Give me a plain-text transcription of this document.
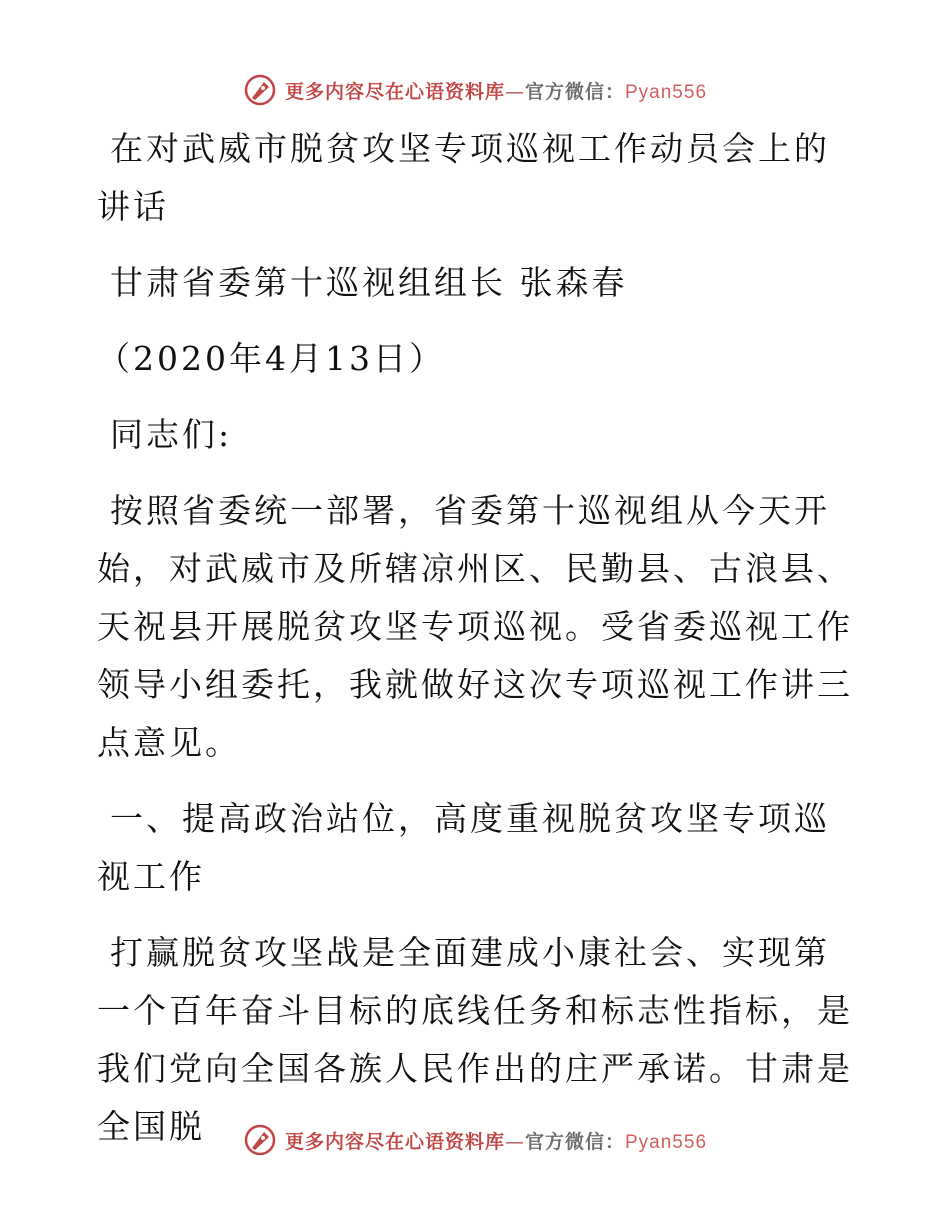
更多内容尽在心语资料库—官方微信：Pyan556

在对武威市脱贫攻坚专项巡视工作动员会上的讲话

甘肃省委第十巡视组组长 张森春

（2020年4月13日）

同志们:

按照省委统一部署，省委第十巡视组从今天开始，对武威市及所辖凉州区、民勤县、古浪县、天祝县开展脱贫攻坚专项巡视。受省委巡视工作领导小组委托，我就做好这次专项巡视工作讲三点意见。

一、提高政治站位，高度重视脱贫攻坚专项巡视工作

打赢脱贫攻坚战是全面建成小康社会、实现第一个百年奋斗目标的底线任务和标志性指标，是我们党向全国各族人民作出的庄严承诺。甘肃是全国脱	更多内容尽在心语资料库—官方微信：Pyan556
